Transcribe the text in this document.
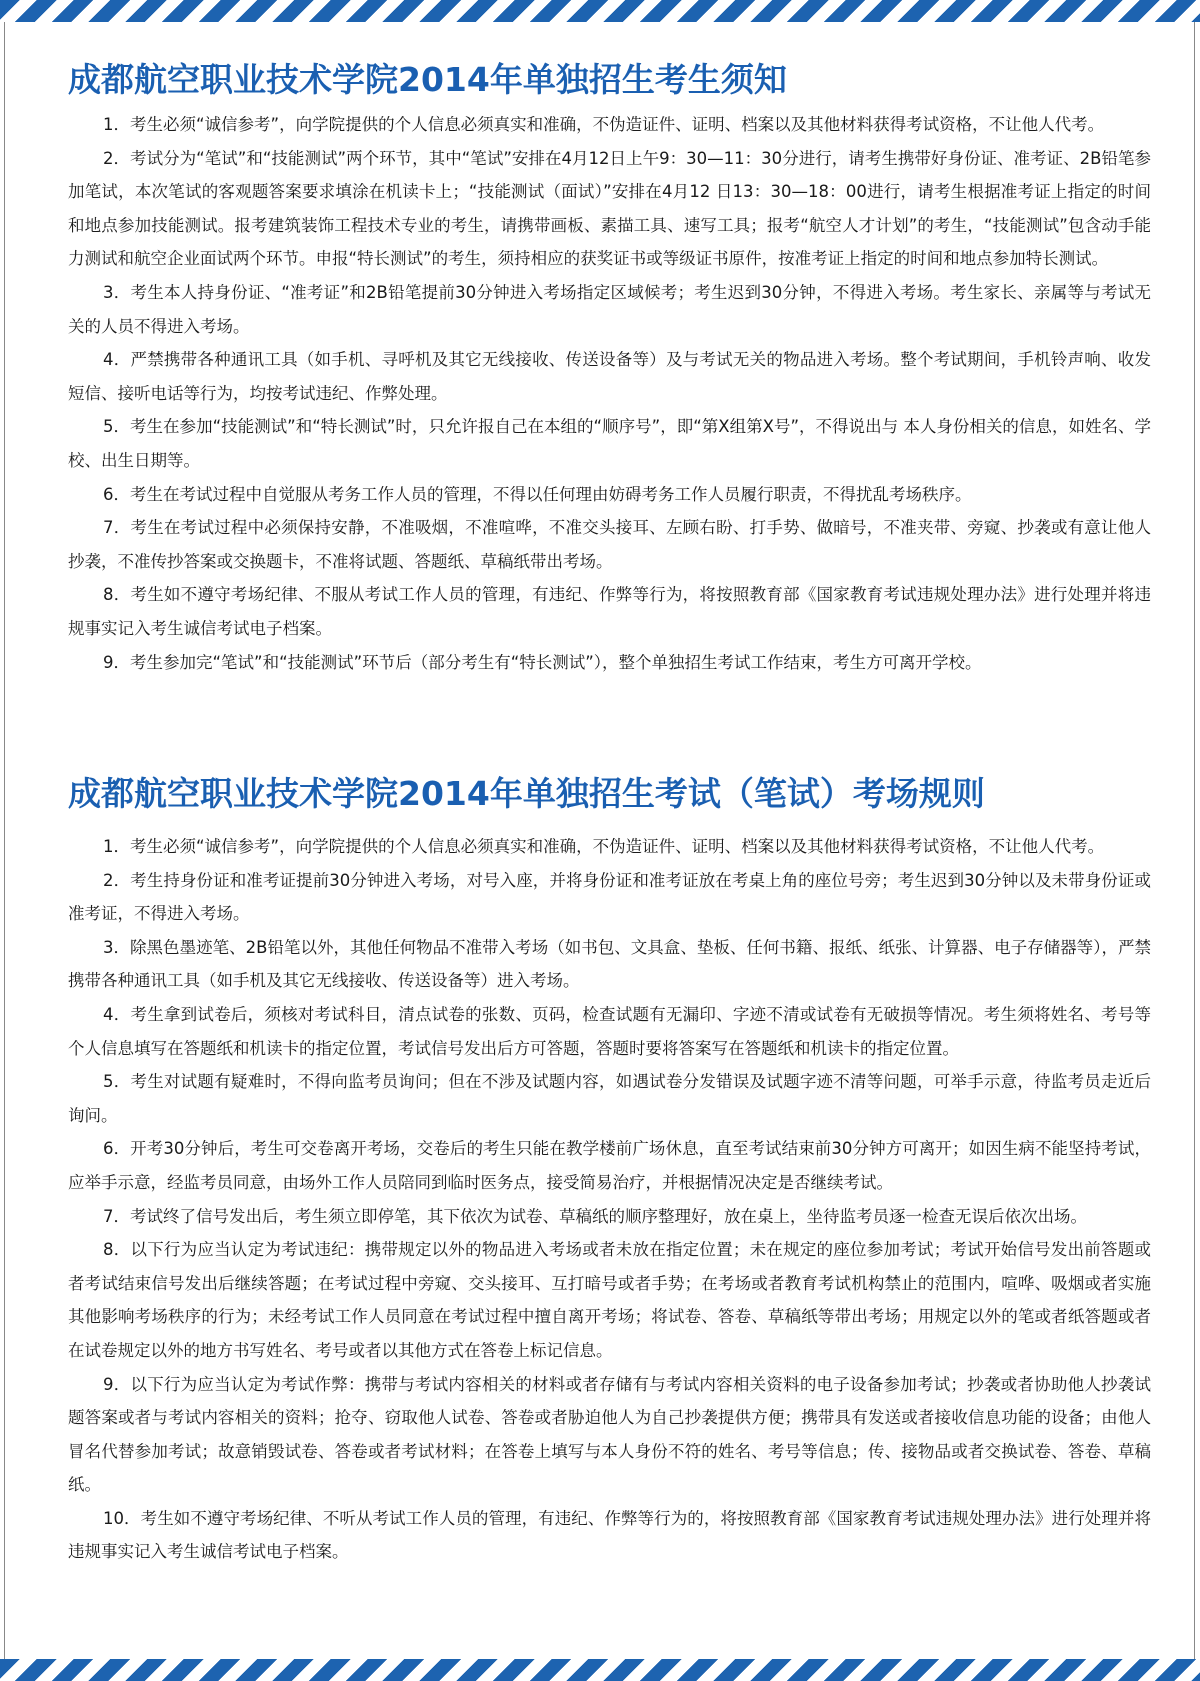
成都航空职业技术学院2014年单独招生考生须知

1．考生必须“诚信参考”，向学院提供的个人信息必须真实和准确，不伪造证件、证明、档案以及其他材料获得考试资格，不让他人代考。

2．考试分为“笔试”和“技能测试”两个环节，其中“笔试”安排在4月12日上午9：30—11：30分进行，请考生携带好身份证、准考证、2B铅笔参加笔试，本次笔试的客观题答案要求填涂在机读卡上；“技能测试（面试）”安排在4月12 日13：30—18：00进行，请考生根据准考证上指定的时间和地点参加技能测试。报考建筑装饰工程技术专业的考生，请携带画板、素描工具、速写工具；报考“航空人才计划”的考生，“技能测试”包含动手能力测试和航空企业面试两个环节。申报“特长测试”的考生，须持相应的获奖证书或等级证书原件，按准考证上指定的时间和地点参加特长测试。

3．考生本人持身份证、“准考证”和2B铅笔提前30分钟进入考场指定区域候考；考生迟到30分钟，不得进入考场。考生家长、亲属等与考试无关的人员不得进入考场。

4．严禁携带各种通讯工具（如手机、寻呼机及其它无线接收、传送设备等）及与考试无关的物品进入考场。整个考试期间，手机铃声响、收发短信、接听电话等行为，均按考试违纪、作弊处理。

5．考生在参加“技能测试”和“特长测试”时，只允许报自己在本组的“顺序号”，即“第X组第X号”，不得说出与 本人身份相关的信息，如姓名、学校、出生日期等。

6．考生在考试过程中自觉服从考务工作人员的管理，不得以任何理由妨碍考务工作人员履行职责，不得扰乱考场秩序。

7．考生在考试过程中必须保持安静，不准吸烟，不准喧哗，不准交头接耳、左顾右盼、打手势、做暗号，不准夹带、旁窥、抄袭或有意让他人抄袭，不准传抄答案或交换题卡，不准将试题、答题纸、草稿纸带出考场。

8．考生如不遵守考场纪律、不服从考试工作人员的管理，有违纪、作弊等行为，将按照教育部《国家教育考试违规处理办法》进行处理并将违规事实记入考生诚信考试电子档案。

9．考生参加完“笔试”和“技能测试”环节后（部分考生有“特长测试”），整个单独招生考试工作结束，考生方可离开学校。

成都航空职业技术学院2014年单独招生考试（笔试）考场规则

1．考生必须“诚信参考”，向学院提供的个人信息必须真实和准确，不伪造证件、证明、档案以及其他材料获得考试资格，不让他人代考。

2．考生持身份证和准考证提前30分钟进入考场，对号入座，并将身份证和准考证放在考桌上角的座位号旁；考生迟到30分钟以及未带身份证或准考证，不得进入考场。

3．除黑色墨迹笔、2B铅笔以外，其他任何物品不准带入考场（如书包、文具盒、垫板、任何书籍、报纸、纸张、计算器、电子存储器等），严禁携带各种通讯工具（如手机及其它无线接收、传送设备等）进入考场。

4．考生拿到试卷后，须核对考试科目，清点试卷的张数、页码，检查试题有无漏印、字迹不清或试卷有无破损等情况。考生须将姓名、考号等个人信息填写在答题纸和机读卡的指定位置，考试信号发出后方可答题，答题时要将答案写在答题纸和机读卡的指定位置。

5．考生对试题有疑难时，不得向监考员询问；但在不涉及试题内容，如遇试卷分发错误及试题字迹不清等问题，可举手示意，待监考员走近后询问。

6．开考30分钟后，考生可交卷离开考场，交卷后的考生只能在教学楼前广场休息，直至考试结束前30分钟方可离开；如因生病不能坚持考试，应举手示意，经监考员同意，由场外工作人员陪同到临时医务点，接受简易治疗，并根据情况决定是否继续考试。

7．考试终了信号发出后，考生须立即停笔，其下依次为试卷、草稿纸的顺序整理好，放在桌上，坐待监考员逐一检查无误后依次出场。

8．以下行为应当认定为考试违纪：携带规定以外的物品进入考场或者未放在指定位置；未在规定的座位参加考试；考试开始信号发出前答题或者考试结束信号发出后继续答题；在考试过程中旁窥、交头接耳、互打暗号或者手势；在考场或者教育考试机构禁止的范围内，喧哗、吸烟或者实施其他影响考场秩序的行为；未经考试工作人员同意在考试过程中擅自离开考场；将试卷、答卷、草稿纸等带出考场；用规定以外的笔或者纸答题或者在试卷规定以外的地方书写姓名、考号或者以其他方式在答卷上标记信息。

9．以下行为应当认定为考试作弊：携带与考试内容相关的材料或者存储有与考试内容相关资料的电子设备参加考试；抄袭或者协助他人抄袭试题答案或者与考试内容相关的资料；抢夺、窃取他人试卷、答卷或者胁迫他人为自己抄袭提供方便；携带具有发送或者接收信息功能的设备；由他人冒名代替参加考试；故意销毁试卷、答卷或者考试材料；在答卷上填写与本人身份不符的姓名、考号等信息；传、接物品或者交换试卷、答卷、草稿纸。

10．考生如不遵守考场纪律、不听从考试工作人员的管理，有违纪、作弊等行为的，将按照教育部《国家教育考试违规处理办法》进行处理并将违规事实记入考生诚信考试电子档案。
